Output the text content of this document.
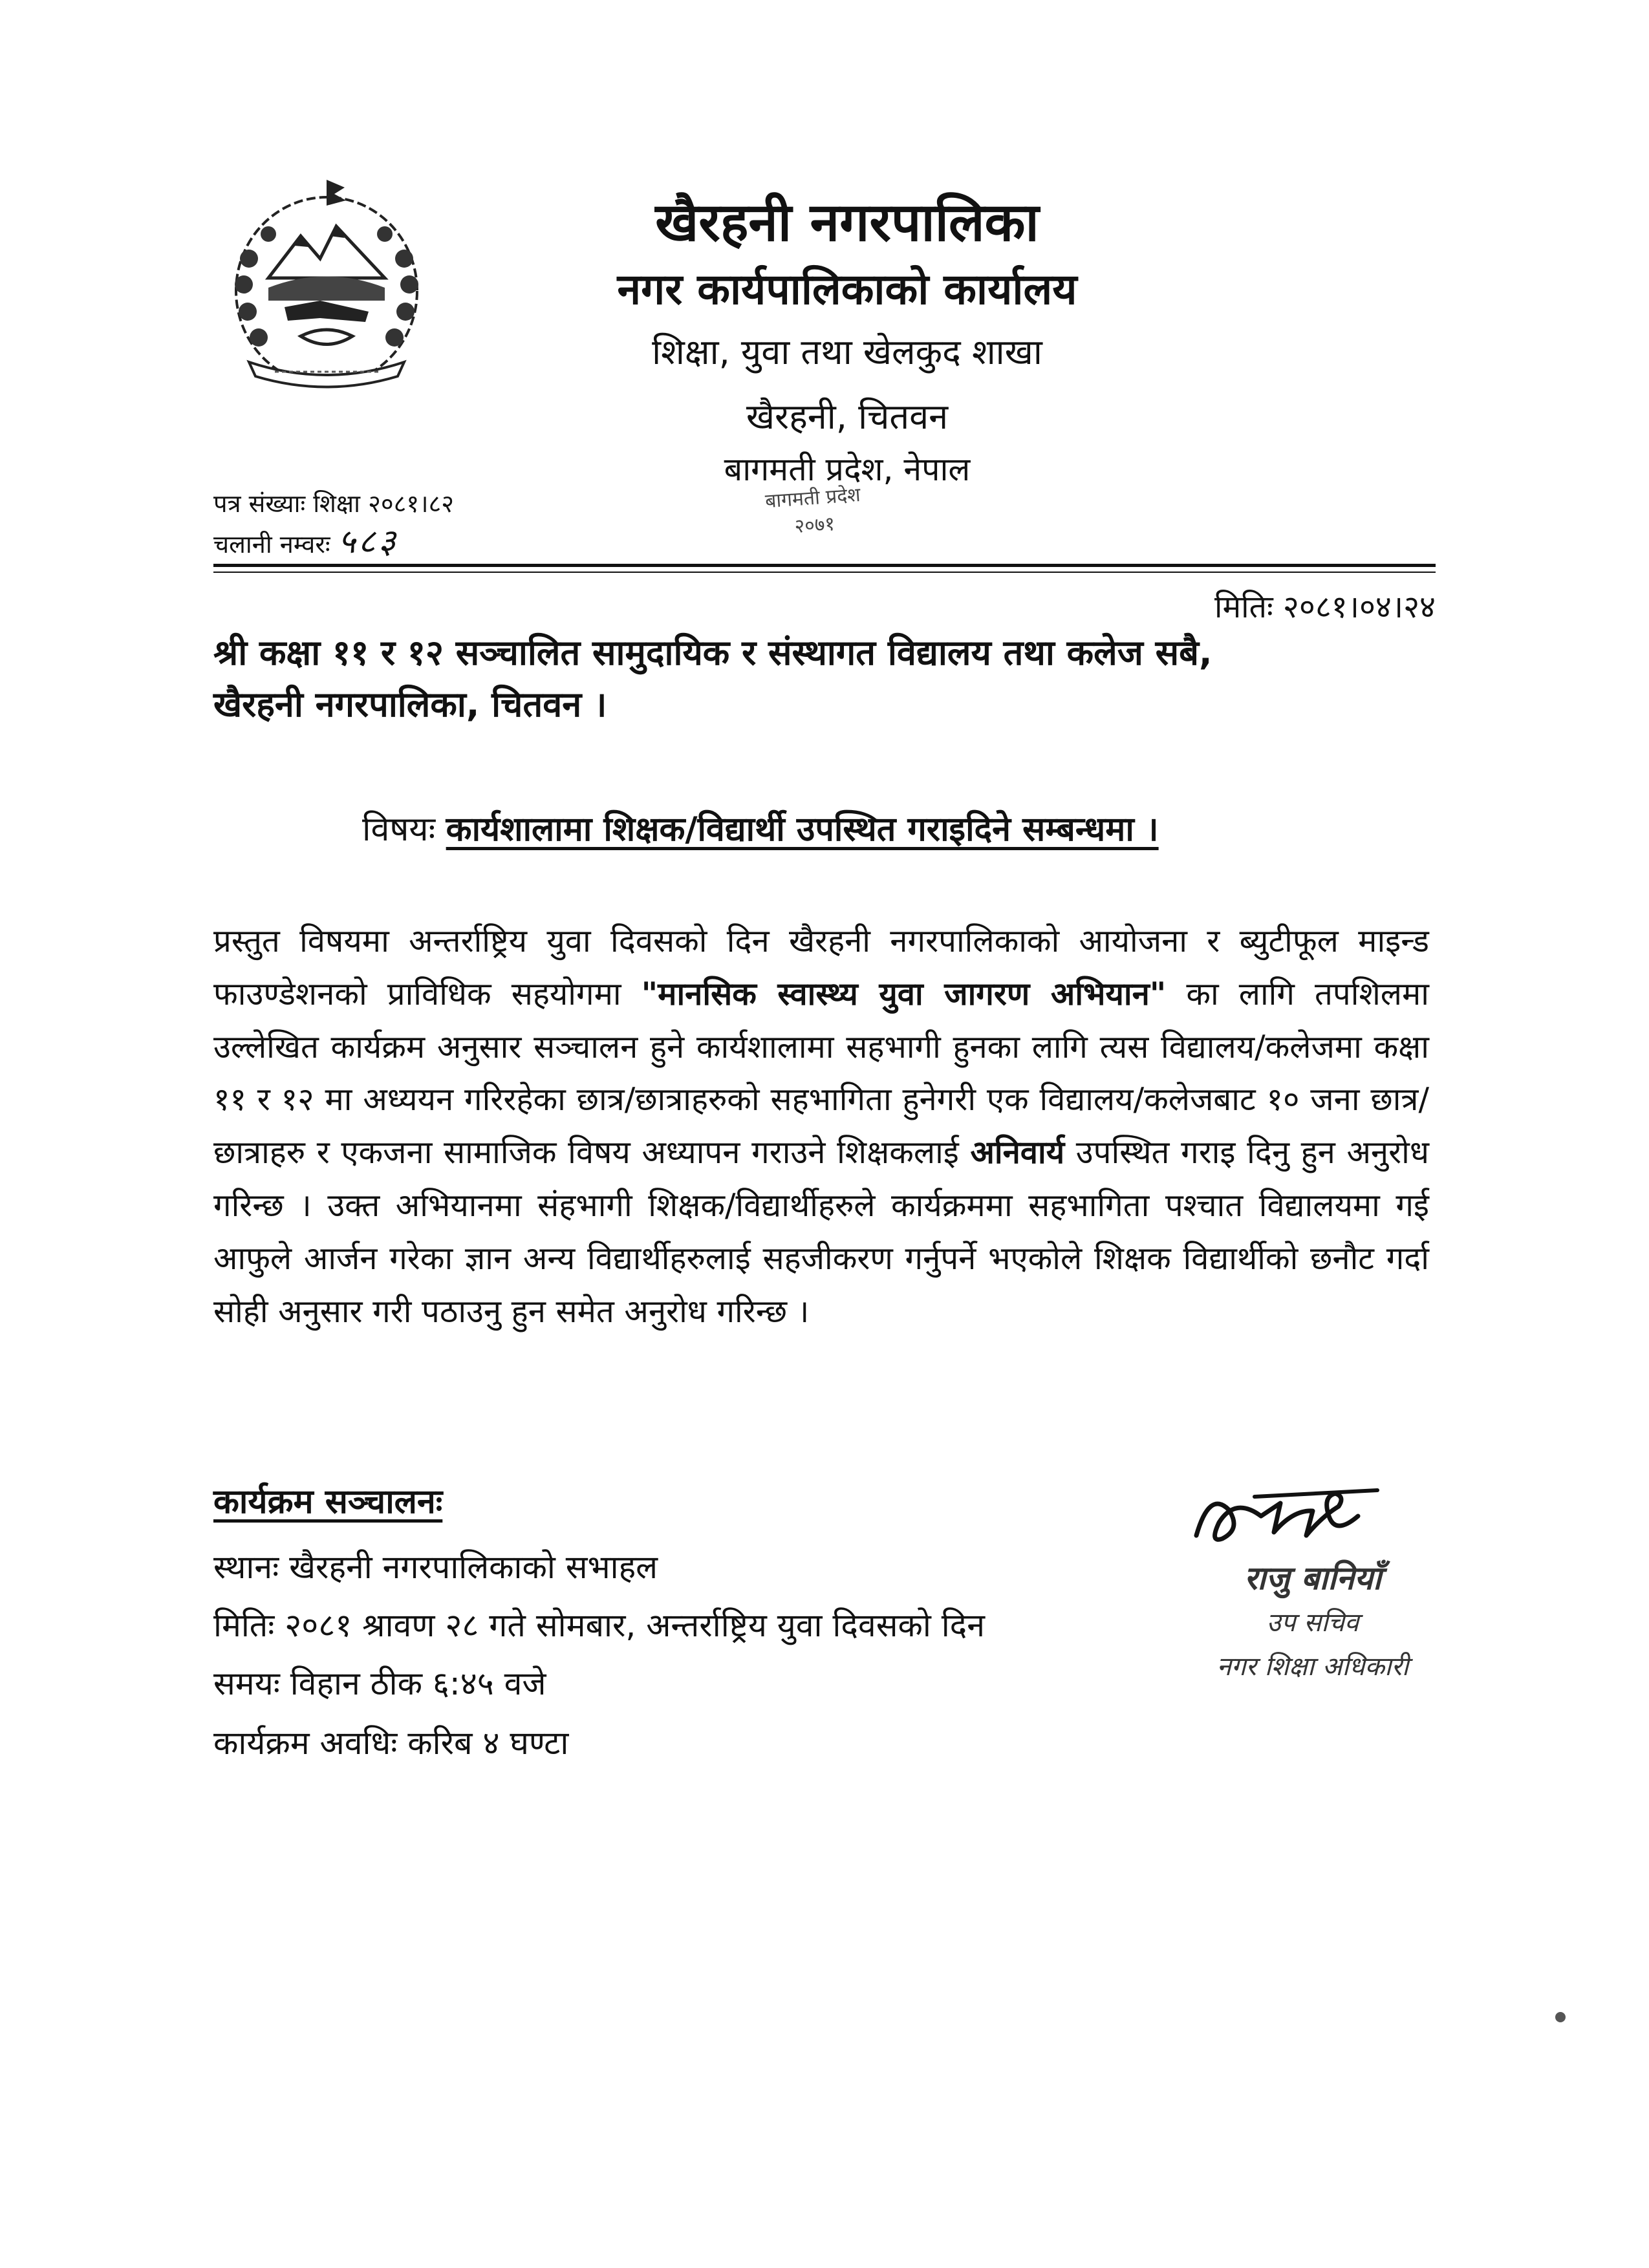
खैरहनी नगरपालिका
नगर कार्यपालिकाको कार्यालय
शिक्षा, युवा तथा खेलकुद शाखा
खैरहनी, चितवन
बागमती प्रदेश, नेपाल
बागमती प्रदेश
२०७१
पत्र संख्याः शिक्षा २०८१।८२
चलानी नम्वरः ५८३
मितिः २०८१।०४।२४
श्री कक्षा ११ र १२ सञ्चालित सामुदायिक र संस्थागत विद्यालय तथा कलेज सबै,
खैरहनी नगरपालिका, चितवन ।
विषयः कार्यशालामा शिक्षक/विद्यार्थी उपस्थित गराइदिने सम्बन्धमा ।
प्रस्तुत विषयमा अन्तर्राष्ट्रिय युवा दिवसको दिन खैरहनी नगरपालिकाको आयोजना र ब्युटीफूल माइन्ड फाउण्डेशनको प्राविधिक सहयोगमा "मानसिक स्वास्थ्य युवा जागरण अभियान" का लागि तपशिलमा उल्लेखित कार्यक्रम अनुसार सञ्चालन हुने कार्यशालामा सहभागी हुनका लागि त्यस विद्यालय/कलेजमा कक्षा ११ र १२ मा अध्ययन गरिरहेका छात्र/छात्राहरुको सहभागिता हुनेगरी एक विद्यालय/कलेजबाट १० जना छात्र/छात्राहरु र एकजना सामाजिक विषय अध्यापन गराउने शिक्षकलाई अनिवार्य उपस्थित गराइ दिनु हुन अनुरोध गरिन्छ । उक्त अभियानमा संहभागी शिक्षक/विद्यार्थीहरुले कार्यक्रममा सहभागिता पश्चात विद्यालयमा गई आफुले आर्जन गरेका ज्ञान अन्य विद्यार्थीहरुलाई सहजीकरण गर्नुपर्ने भएकोले शिक्षक विद्यार्थीको छनौट गर्दा सोही अनुसार गरी पठाउनु हुन समेत अनुरोध गरिन्छ ।
कार्यक्रम सञ्चालनः
स्थानः खैरहनी नगरपालिकाको सभाहल
मितिः २०८१ श्रावण २८ गते सोमबार, अन्तर्राष्ट्रिय युवा दिवसको दिन
समयः विहान ठीक ६:४५ वजे
कार्यक्रम अवधिः करिब ४ घण्टा
राजु बानियाँ
उप सचिव
नगर शिक्षा अधिकारी
